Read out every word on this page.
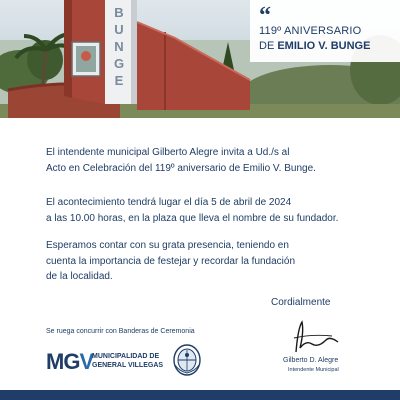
B
U
N
G
E
“
119º ANIVERSARIO
DE EMILIO V. BUNGE
El intendente municipal Gilberto Alegre invita a Ud./s al
Acto en Celebración del 119º aniversario de Emilio V. Bunge.
El acontecimiento tendrá lugar el día 5 de abril de 2024
a las 10.00 horas, en la plaza que lleva el nombre de su fundador.
Esperamos contar con su grata presencia, teniendo en
cuenta la importancia de festejar y recordar la fundación
de la localidad.
Cordialmente
Se ruega concurrir con Banderas de Ceremonia
MGV
MUNICIPALIDAD DE
GENERAL VILLEGAS
Gilberto D. Alegre
Intendente Municipal
